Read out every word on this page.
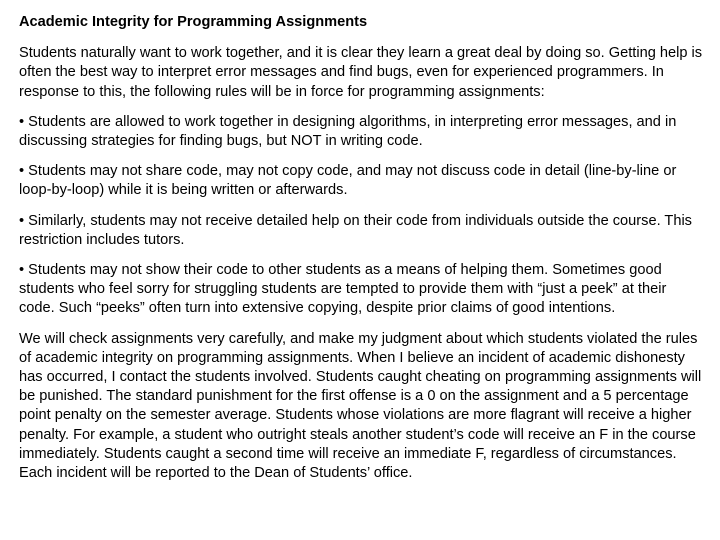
Academic Integrity for Programming Assignments

Students naturally want to work together, and it is clear they learn a great deal by doing so. Getting help is often the best way to interpret error messages and find bugs, even for experienced programmers. In response to this, the following rules will be in force for programming assignments:

• Students are allowed to work together in designing algorithms, in interpreting error messages, and in discussing strategies for finding bugs, but NOT in writing code.

• Students may not share code, may not copy code, and may not discuss code in detail (line-by-line or loop-by-loop) while it is being written or afterwards.

• Similarly, students may not receive detailed help on their code from individuals outside the course. This restriction includes tutors.

• Students may not show their code to other students as a means of helping them. Sometimes good students who feel sorry for struggling students are tempted to provide them with “just a peek” at their code. Such “peeks” often turn into extensive copying, despite prior claims of good intentions.

We will check assignments very carefully, and make my judgment about which students violated the rules of academic integrity on programming assignments. When I believe an incident of academic dishonesty has occurred, I contact the students involved. Students caught cheating on programming assignments will be punished. The standard punishment for the first offense is a 0 on the assignment and a 5 percentage point penalty on the semester average. Students whose violations are more flagrant will receive a higher penalty. For example, a student who outright steals another student’s code will receive an F in the course immediately. Students caught a second time will receive an immediate F, regardless of circumstances. Each incident will be reported to the Dean of Students’ office.
